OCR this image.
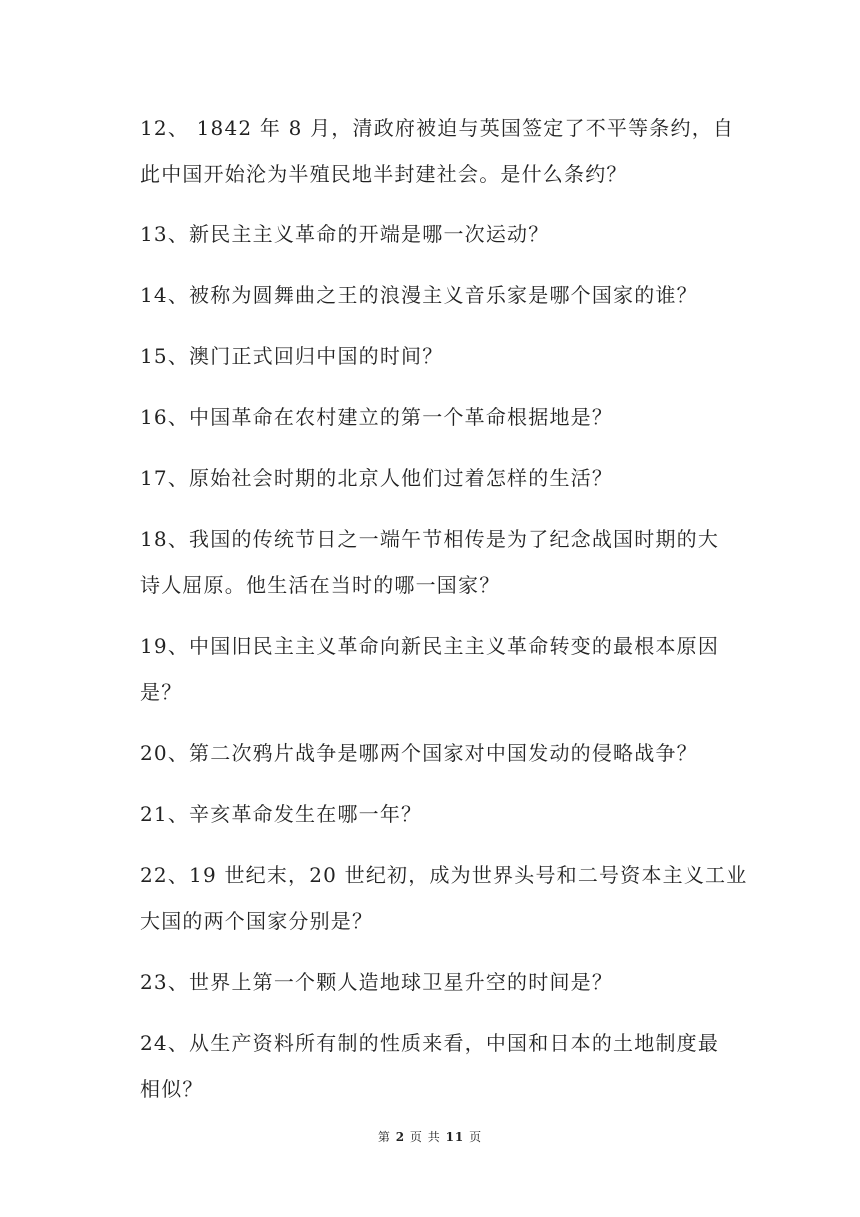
12、 1842 年 8 月，清政府被迫与英国签定了不平等条约，自
此中国开始沦为半殖民地半封建社会。是什么条约？
13、新民主主义革命的开端是哪一次运动？
14、被称为圆舞曲之王的浪漫主义音乐家是哪个国家的谁？
15、澳门正式回归中国的时间？
16、中国革命在农村建立的第一个革命根据地是？
17、原始社会时期的北京人他们过着怎样的生活？
18、我国的传统节日之一端午节相传是为了纪念战国时期的大
诗人屈原。他生活在当时的哪一国家？
19、中国旧民主主义革命向新民主主义革命转变的最根本原因
是？
20、第二次鸦片战争是哪两个国家对中国发动的侵略战争？
21、辛亥革命发生在哪一年？
22、19 世纪末，20 世纪初，成为世界头号和二号资本主义工业
大国的两个国家分别是？
23、世界上第一个颗人造地球卫星升空的时间是？
24、从生产资料所有制的性质来看，中国和日本的土地制度最
相似？
第 2 页 共 11 页
